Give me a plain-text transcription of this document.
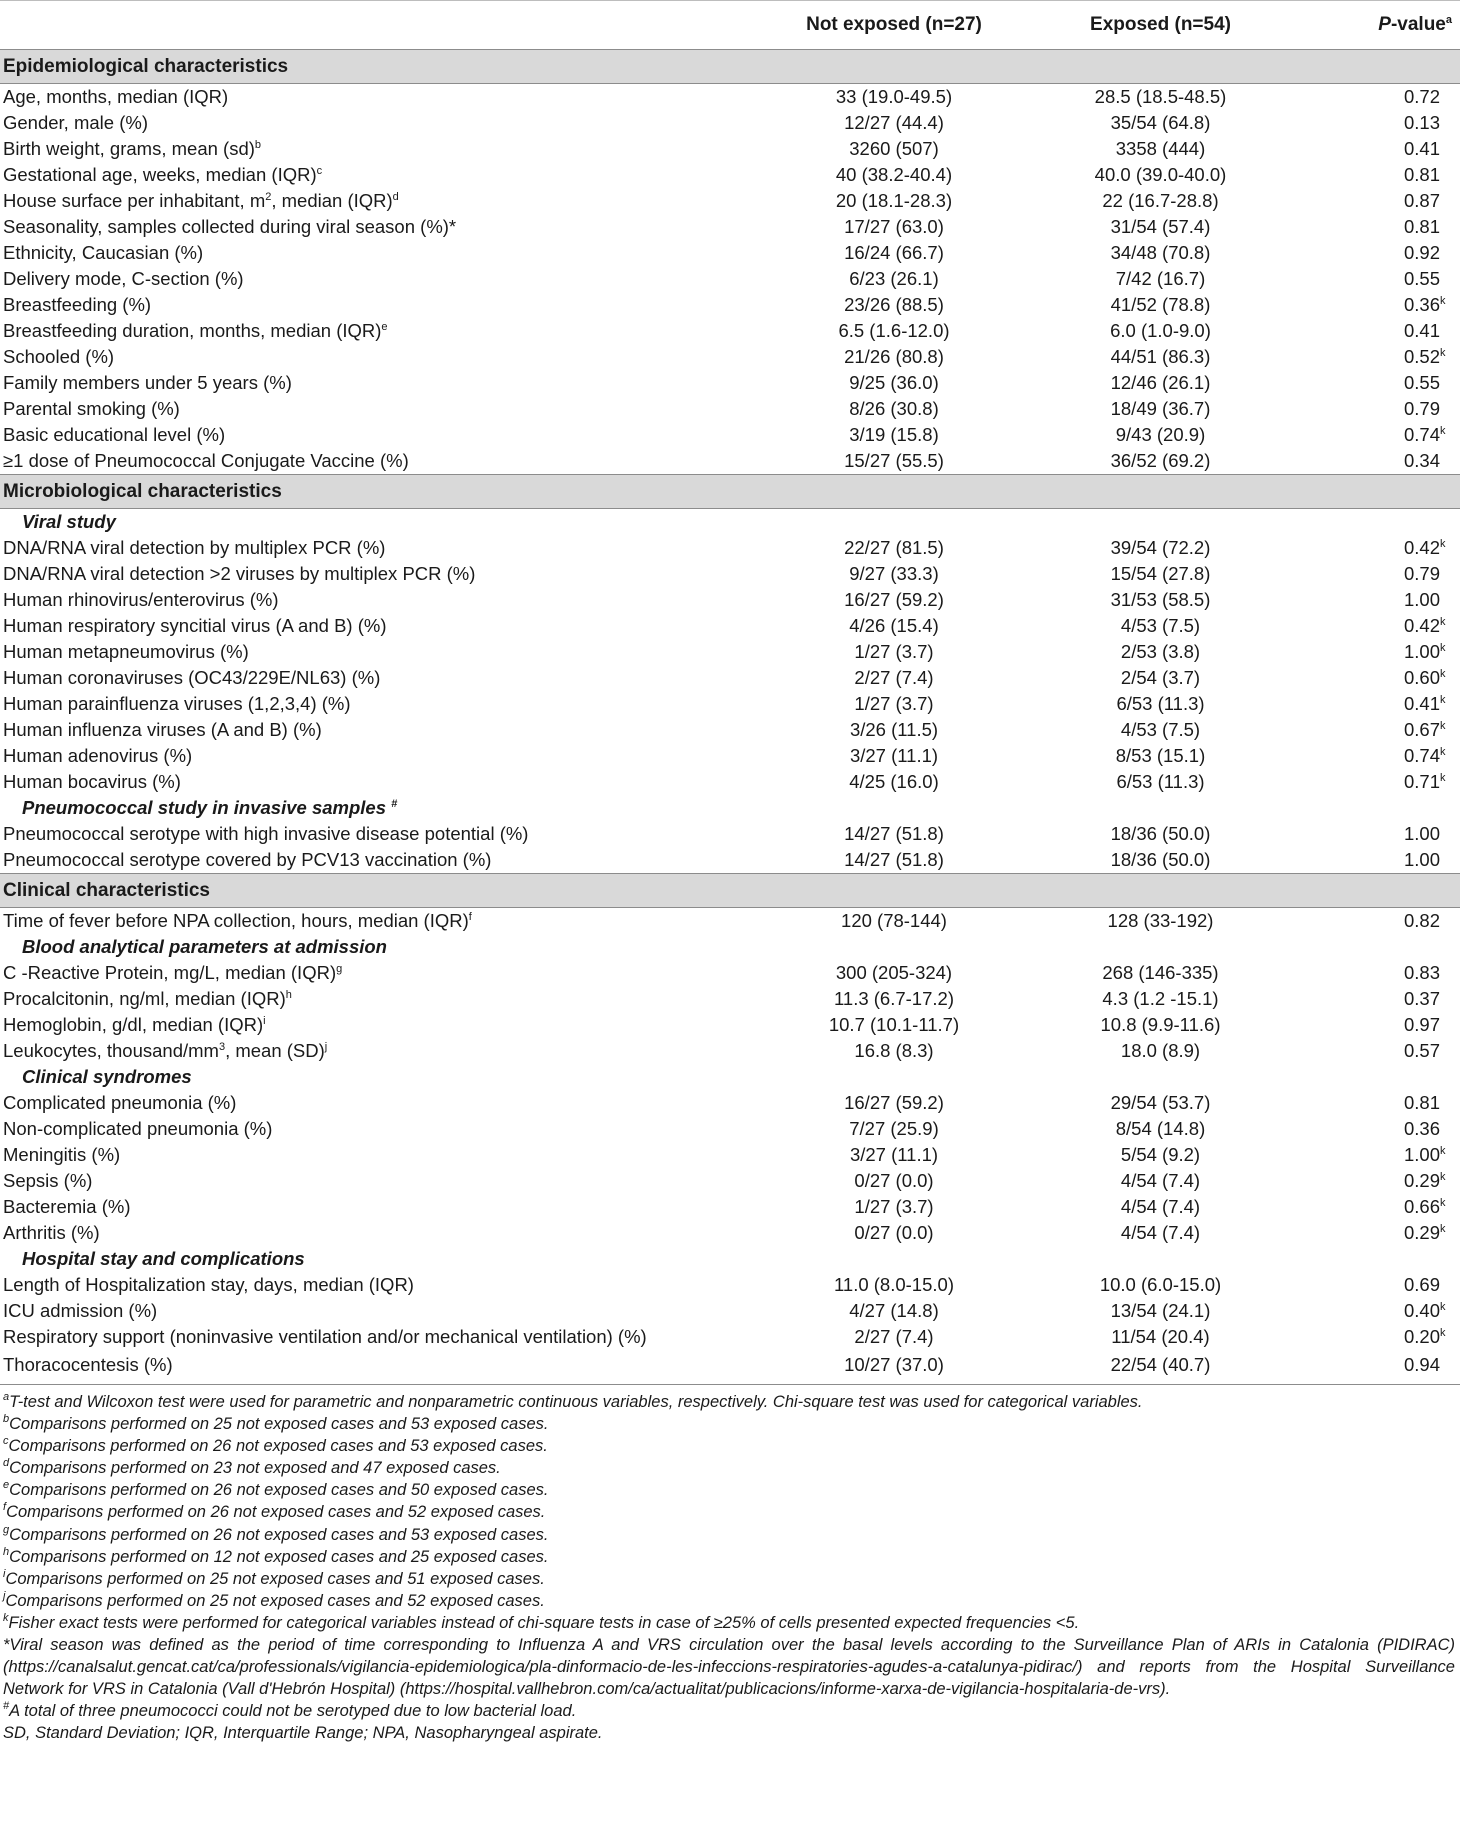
	Not exposed (n=27)	Exposed (n=54)	P-value$^a$
Epidemiological characteristics			
Age, months, median (IQR)	33 (19.0-49.5)	28.5 (18.5-48.5)	0.72
Gender, male (%)	12/27 (44.4)	35/54 (64.8)	0.13
Birth weight, grams, mean (sd)$^b$	3260 (507)	3358 (444)	0.41
Gestational age, weeks, median (IQR)$^c$	40 (38.2-40.4)	40.0 (39.0-40.0)	0.81
House surface per inhabitant, $m^2$, median (IQR)$^d$	20 (18.1-28.3)	22 (16.7-28.8)	0.87
Seasonality, samples collected during viral season (%)*	17/27 (63.0)	31/54 (57.4)	0.81
Ethnicity, Caucasian (%)	16/24 (66.7)	34/48 (70.8)	0.92
Delivery mode, C-section (%)	6/23 (26.1)	7/42 (16.7)	0.55
Breastfeeding (%)	23/26 (88.5)	41/52 (78.8)	0.36$^k$
Breastfeeding duration, months, median (IQR)$^e$	6.5 (1.6-12.0)	6.0 (1.0-9.0)	0.41
Schooled (%)	21/26 (80.8)	44/51 (86.3)	0.52$^k$
Family members under 5 years (%)	9/25 (36.0)	12/46 (26.1)	0.55
Parental smoking (%)	8/26 (30.8)	18/49 (36.7)	0.79
Basic educational level (%)	3/19 (15.8)	9/43 (20.9)	$0.74^k$
≥1 dose of Pneumococcal Conjugate Vaccine (%)	15/27 (55.5)	36/52 (69.2)	0.34
Microbiological characteristics			
Viral study			
DNA/RNA viral detection by multiplex PCR (%)	22/27 (81.5)	39/54 (72.2)	0.42$^k$
DNA/RNA viral detection >2 viruses by multiplex PCR (%)	9/27 (33.3)	15/54 (27.8)	0.79
Human rhinovirus/enterovirus (%)	16/27 (59.2)	31/53 (58.5)	1.00
Human respiratory syncitial virus (A and B) (%)	4/26 (15.4)	4/53 (7.5)	0.42$^k$
Human metapneumovirus (%)	1/27 (3.7)	2/53 (3.8)	1.00$^k$
Human coronaviruses (OC43/229E/NL63) (%)	2/27 (7.4)	2/54 (3.7)	0.60$^k$
Human parainfluenza viruses (1,2,3,4) (%)	1/27 (3.7)	6/53 (11.3)	0.41$^k$
Human influenza viruses (A and B) (%)	3/26 (11.5)	4/53 (7.5)	0.67$^k$
Human adenovirus (%)	3/27 (11.1)	8/53 (15.1)	0.74$^k$
Human bocavirus (%)	4/25 (16.0)	6/53 (11.3)	0.71$^k$
Pneumococcal study in invasive samples #
Pneumococcal serotype with high invasive disease potential (%)	14/27 (51.8)	18/36 (50.0)	1.00
Pneumococcal serotype covered by PCV13 vaccination (%)	14/27 (51.8)	18/36 (50.0)	1.00
Clinical characteristics			
Time of fever before NPA collection, hours, median (IQR)$^f$	120 (78-144)	128 (33-192)	0.82
Blood analytical parameters at admission			
C -Reactive Protein, mg/L, median (IQR)$^g$	300 (205-324)	268 (146-335)	0.83
Procalcitonin, ng/ml, median (IQR)$^h$	11.3 (6.7-17.2)	4.3 (1.2 -15.1)	0.37
Hemoglobin, g/dl, median (IQR)$^i$	10.7 (10.1-11.7)	10.8 (9.9-11.6)	0.97
Leukocytes, thousand/$mm^3$, mean (SD)$^j$	16.8 (8.3)	18.0 (8.9)	0.57
Clinical syndromes			
Complicated pneumonia (%)	16/27 (59.2)	29/54 (53.7)	0.81
Non-complicated pneumonia (%)	7/27 (25.9)	8/54 (14.8)	0.36
Meningitis (%)	3/27 (11.1)	5/54 (9.2)	1.00$^k$
Sepsis (%)	0/27 (0.0)	4/54 (7.4)	0.29$^k$
Bacteremia (%)	1/27 (3.7)	4/54 (7.4)	0.66$^k$
Arthritis (%)	0/27 (0.0)	4/54 (7.4)	0.29$^k$
Hospital stay and complications			
Length of Hospitalization stay, days, median (IQR)	11.0 (8.0-15.0)	10.0 (6.0-15.0)	0.69
ICU admission (%)	4/27 (14.8)	13/54 (24.1)	0.40$^k$
Respiratory support (noninvasive ventilation and/or mechanical ventilation) (%)	2/27 (7.4)	11/54 (20.4)	0.20$^k$
Thoracocentesis (%)	10/27 (37.0)	22/54 (40.7)	0.94
$^a$T-test and Wilcoxon test were used for parametric and nonparametric continuous variables, respectively. Chi-square test was used for categorical variables.
$^b$Comparisons performed on 25 not exposed cases and 53 exposed cases.
$^c$Comparisons performed on 26 not exposed cases and 53 exposed cases.
$^d$Comparisons performed on 23 not exposed and 47 exposed cases.
$^e$Comparisons performed on 26 not exposed cases and 50 exposed cases.
$^f$Comparisons performed on 26 not exposed cases and 52 exposed cases.
$^g$Comparisons performed on 26 not exposed cases and 53 exposed cases.
$^h$Comparisons performed on 12 not exposed cases and 25 exposed cases.
$^i$Comparisons performed on 25 not exposed cases and 51 exposed cases.
$^j$Comparisons performed on 25 not exposed cases and 52 exposed cases.
$^k$Fisher exact tests were performed for categorical variables instead of chi-square tests in case of ≥25% of cells presented expected frequencies <5.
*Viral season was defined as the period of time corresponding to Influenza A and VRS circulation over the basal levels according to the Surveillance Plan of ARIs in Catalonia (PIDIRAC) (https://canalsalut.gencat.cat/ca/professionals/vigilancia-epidemiologica/pla-dinformacio-de-les-infeccions-respiratories-agudes-a-catalunya-pidirac/) and reports from the Hospital Surveillance Network for VRS in Catalonia (Vall d'Hebrón Hospital) (https://hospital.vallhebron.com/ca/actualitat/publicacions/informe-xarxa-de-vigilancia-hospitalaria-de-vrs).
#A total of three pneumococci could not be serotyped due to low bacterial load.
SD, Standard Deviation; IQR, Interquartile Range; NPA, Nasopharyngeal aspirate.
